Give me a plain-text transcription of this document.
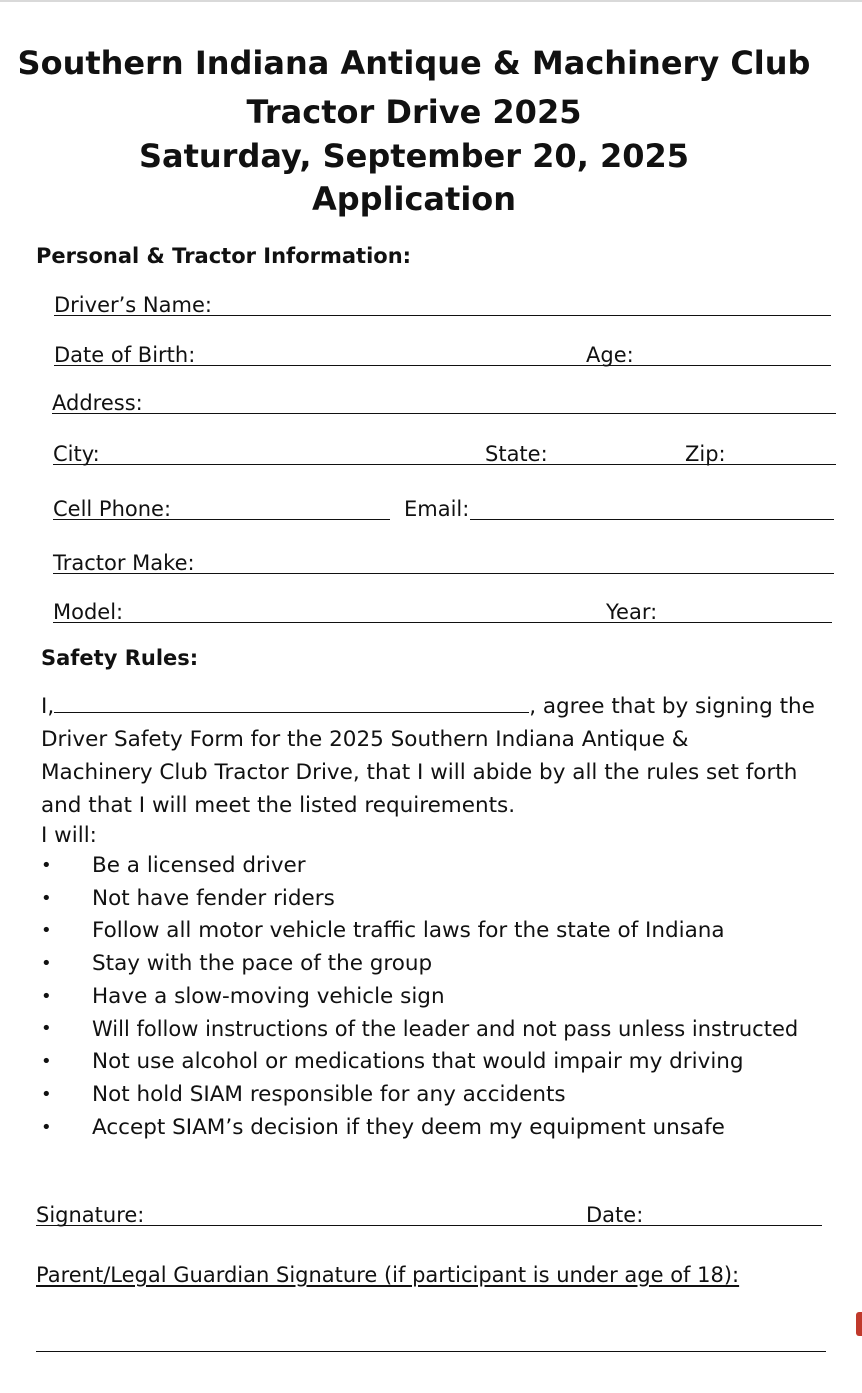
Southern Indiana Antique & Machinery Club
Tractor Drive 2025
Saturday, September 20, 2025
Application
Personal & Tractor Information:
Driver’s Name:
Date of Birth:	Age:
Address:
City:	State:	Zip:
Cell Phone:	Email:
Tractor Make:
Model:	Year:
Safety Rules:

I,	, agree that by signing the

Driver Safety Form for the 2025 Southern Indiana Antique &

Machinery Club Tractor Drive, that I will abide by all the rules set forth

and that I will meet the listed requirements.

I will:

• Be a licensed driver
• Not have fender riders
• Follow all motor vehicle traffic laws for the state of Indiana
• Stay with the pace of the group
• Have a slow-moving vehicle sign
• Will follow instructions of the leader and not pass unless instructed
• Not use alcohol or medications that would impair my driving
• Not hold SIAM responsible for any accidents
• Accept SIAM’s decision if they deem my equipment unsafe
Signature:	Date:
Parent/Legal Guardian Signature (if participant is under age of 18):
